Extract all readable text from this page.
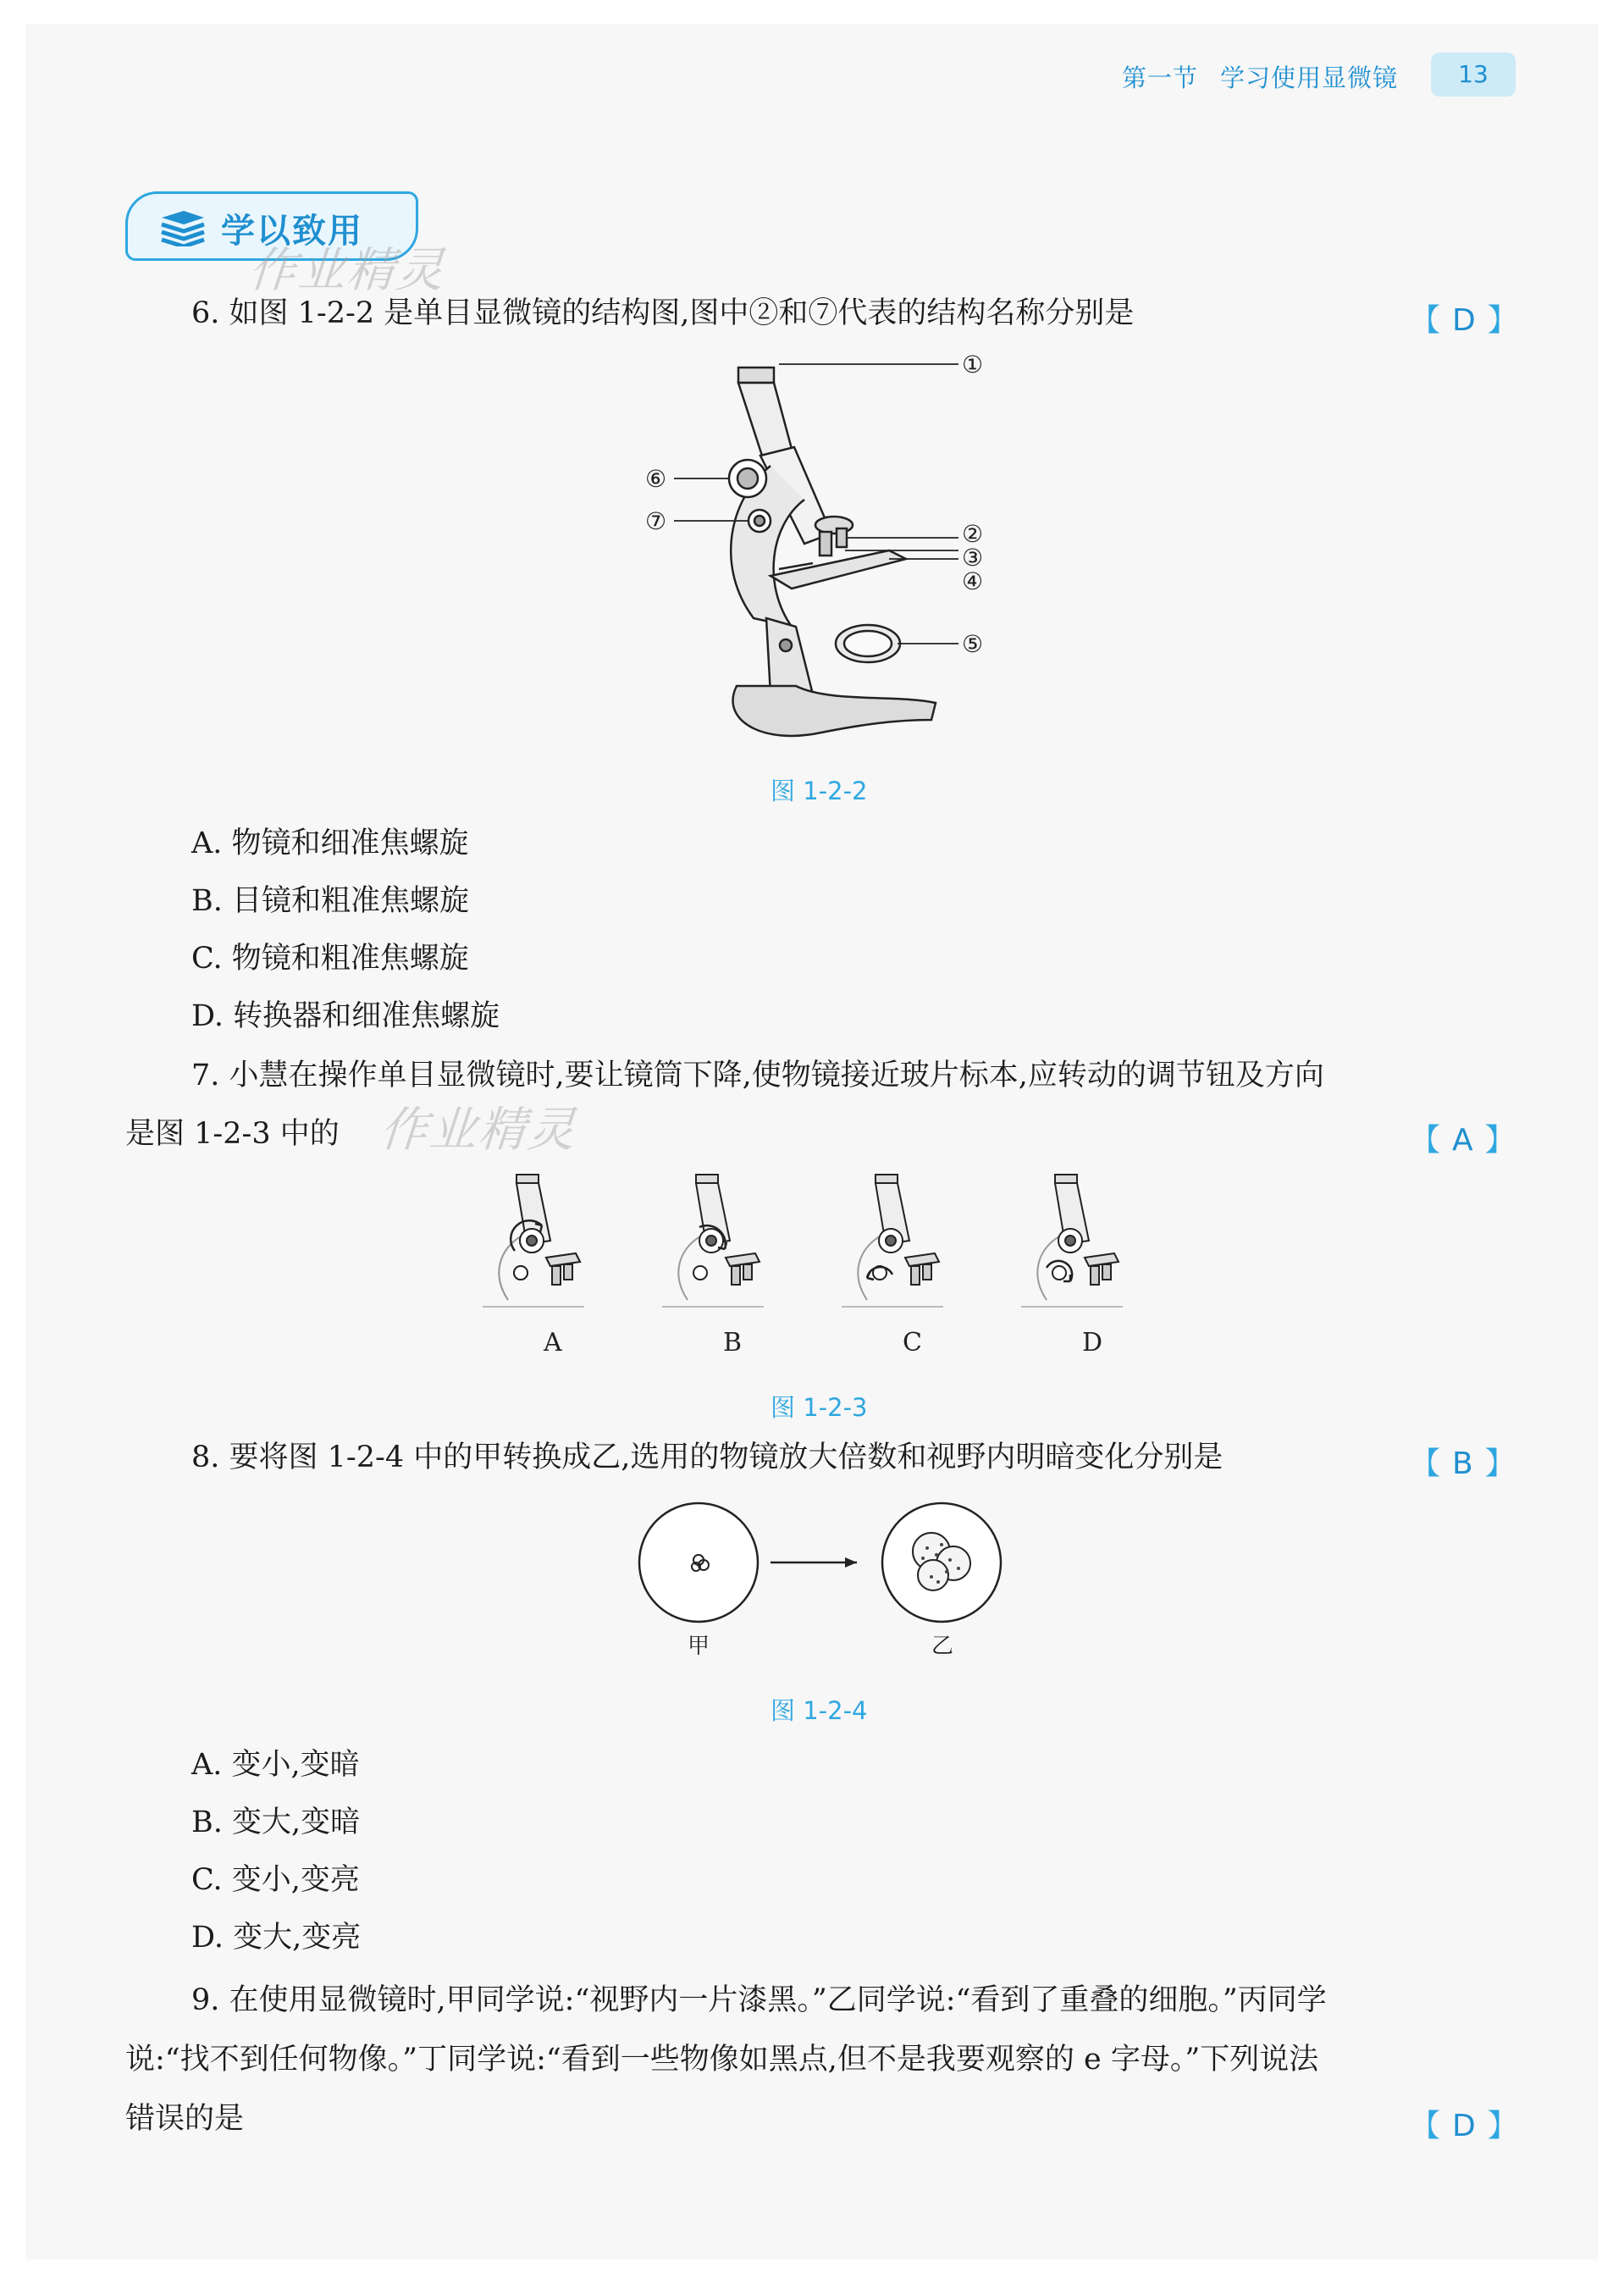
第一节 学习使用显微镜	13
学以致用
作业精灵
作业精灵
6. 如图 1-2-2 是单目显微镜的结构图,图中②和⑦代表的结构名称分别是	【 D 】
①
②
③
④
⑤
⑥
⑦
图 1-2-2
A. 物镜和细准焦螺旋
B. 目镜和粗准焦螺旋
C. 物镜和粗准焦螺旋
D. 转换器和细准焦螺旋
7. 小慧在操作单目显微镜时,要让镜筒下降,使物镜接近玻片标本,应转动的调节钮及方向
是图 1-2-3 中的	【 A 】
A	B	C	D
图 1-2-3
8. 要将图 1-2-4 中的甲转换成乙,选用的物镜放大倍数和视野内明暗变化分别是	【 B 】
甲	乙
图 1-2-4
A. 变小,变暗
B. 变大,变暗
C. 变小,变亮
D. 变大,变亮
9. 在使用显微镜时,甲同学说:“视野内一片漆黑。”乙同学说:“看到了重叠的细胞。”丙同学
说:“找不到任何物像。”丁同学说:“看到一些物像如黑点,但不是我要观察的 e 字母。”下列说法
错误的是	【 D 】
